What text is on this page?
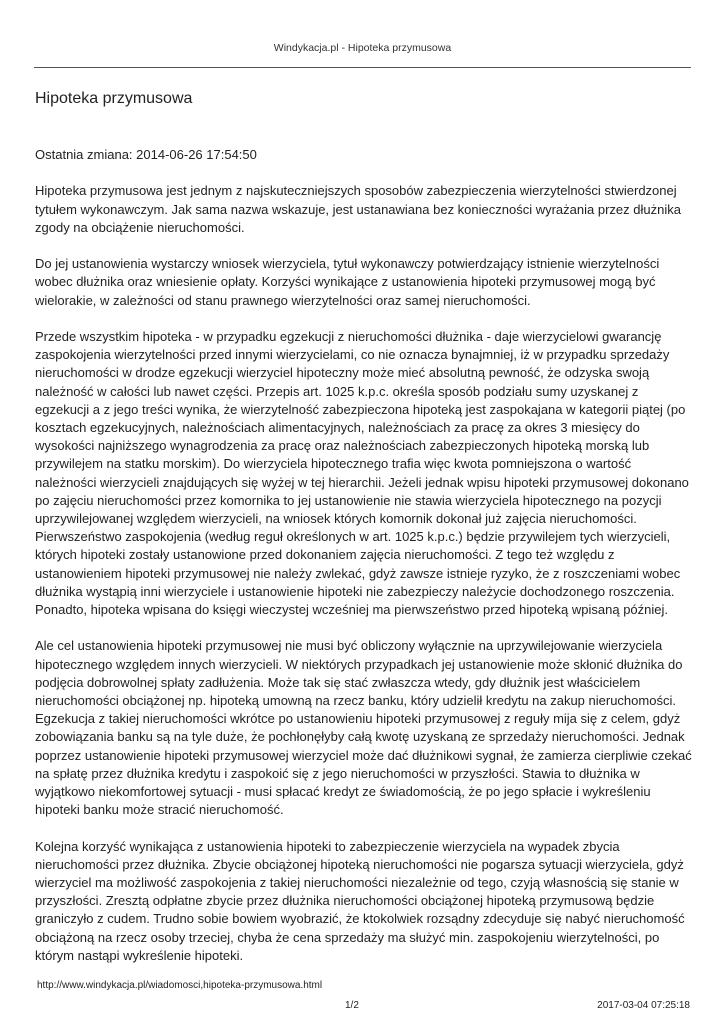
Windykacja.pl - Hipoteka przymusowa
Hipoteka przymusowa

Ostatnia zmiana: 2014-06-26 17:54:50

Hipoteka przymusowa jest jednym z najskuteczniejszych sposobów zabezpieczenia wierzytelności stwierdzonej tytułem wykonawczym. Jak sama nazwa wskazuje, jest ustanawiana bez konieczności wyrażania przez dłużnika zgody na obciążenie nieruchomości.

Do jej ustanowienia wystarczy wniosek wierzyciela, tytuł wykonawczy potwierdzający istnienie wierzytelności wobec dłużnika oraz wniesienie opłaty. Korzyści wynikające z ustanowienia hipoteki przymusowej mogą być wielorakie, w zależności od stanu prawnego wierzytelności oraz samej nieruchomości.

Przede wszystkim hipoteka - w przypadku egzekucji z nieruchomości dłużnika - daje wierzycielowi gwarancję zaspokojenia wierzytelności przed innymi wierzycielami, co nie oznacza bynajmniej, iż w przypadku sprzedaży nieruchomości w drodze egzekucji wierzyciel hipoteczny może mieć absolutną pewność, że odzyska swoją należność w całości lub nawet części. Przepis art. 1025 k.p.c. określa sposób podziału sumy uzyskanej z egzekucji a z jego treści wynika, że wierzytelność zabezpieczona hipoteką jest zaspokajana w kategorii piątej (po kosztach egzekucyjnych, należnościach alimentacyjnych, należnościach za pracę za okres 3 miesięcy do wysokości najniższego wynagrodzenia za pracę oraz należnościach zabezpieczonych hipoteką morską lub przywilejem na statku morskim). Do wierzyciela hipotecznego trafia więc kwota pomniejszona o wartość należności wierzycieli znajdujących się wyżej w tej hierarchii. Jeżeli jednak wpisu hipoteki przymusowej dokonano po zajęciu nieruchomości przez komornika to jej ustanowienie nie stawia wierzyciela hipotecznego na pozycji uprzywilejowanej względem wierzycieli, na wniosek których komornik dokonał już zajęcia nieruchomości. Pierwszeństwo zaspokojenia (według reguł określonych w art. 1025 k.p.c.) będzie przywilejem tych wierzycieli, których hipoteki zostały ustanowione przed dokonaniem zajęcia nieruchomości. Z tego też względu z ustanowieniem hipoteki przymusowej nie należy zwlekać, gdyż zawsze istnieje ryzyko, że z roszczeniami wobec dłużnika wystąpią inni wierzyciele i ustanowienie hipoteki nie zabezpieczy należycie dochodzonego roszczenia. Ponadto, hipoteka wpisana do księgi wieczystej wcześniej ma pierwszeństwo przed hipoteką wpisaną później.

Ale cel ustanowienia hipoteki przymusowej nie musi być obliczony wyłącznie na uprzywilejowanie wierzyciela hipotecznego względem innych wierzycieli. W niektórych przypadkach jej ustanowienie może skłonić dłużnika do podjęcia dobrowolnej spłaty zadłużenia. Może tak się stać zwłaszcza wtedy, gdy dłużnik jest właścicielem nieruchomości obciążonej np. hipoteką umowną na rzecz banku, który udzielił kredytu na zakup nieruchomości. Egzekucja z takiej nieruchomości wkrótce po ustanowieniu hipoteki przymusowej z reguły mija się z celem, gdyż zobowiązania banku są na tyle duże, że pochłonęłyby całą kwotę uzyskaną ze sprzedaży nieruchomości. Jednak poprzez ustanowienie hipoteki przymusowej wierzyciel może dać dłużnikowi sygnał, że zamierza cierpliwie czekać na spłatę przez dłużnika kredytu i zaspokoić się z jego nieruchomości w przyszłości. Stawia to dłużnika w wyjątkowo niekomfortowej sytuacji - musi spłacać kredyt ze świadomością, że po jego spłacie i wykreśleniu hipoteki banku może stracić nieruchomość.

Kolejna korzyść wynikająca z ustanowienia hipoteki to zabezpieczenie wierzyciela na wypadek zbycia nieruchomości przez dłużnika. Zbycie obciążonej hipoteką nieruchomości nie pogarsza sytuacji wierzyciela, gdyż wierzyciel ma możliwość zaspokojenia z takiej nieruchomości niezależnie od tego, czyją własnością się stanie w przyszłości. Zresztą odpłatne zbycie przez dłużnika nieruchomości obciążonej hipoteką przymusową będzie graniczyło z cudem. Trudno sobie bowiem wyobrazić, że ktokolwiek rozsądny zdecyduje się nabyć nieruchomość obciążoną na rzecz osoby trzeciej, chyba że cena sprzedaży ma służyć min. zaspokojeniu wierzytelności, po którym nastąpi wykreślenie hipoteki.

http://www.windykacja.pl/wiadomosci,hipoteka-przymusowa.html
1/2	2017-03-04 07:25:18
